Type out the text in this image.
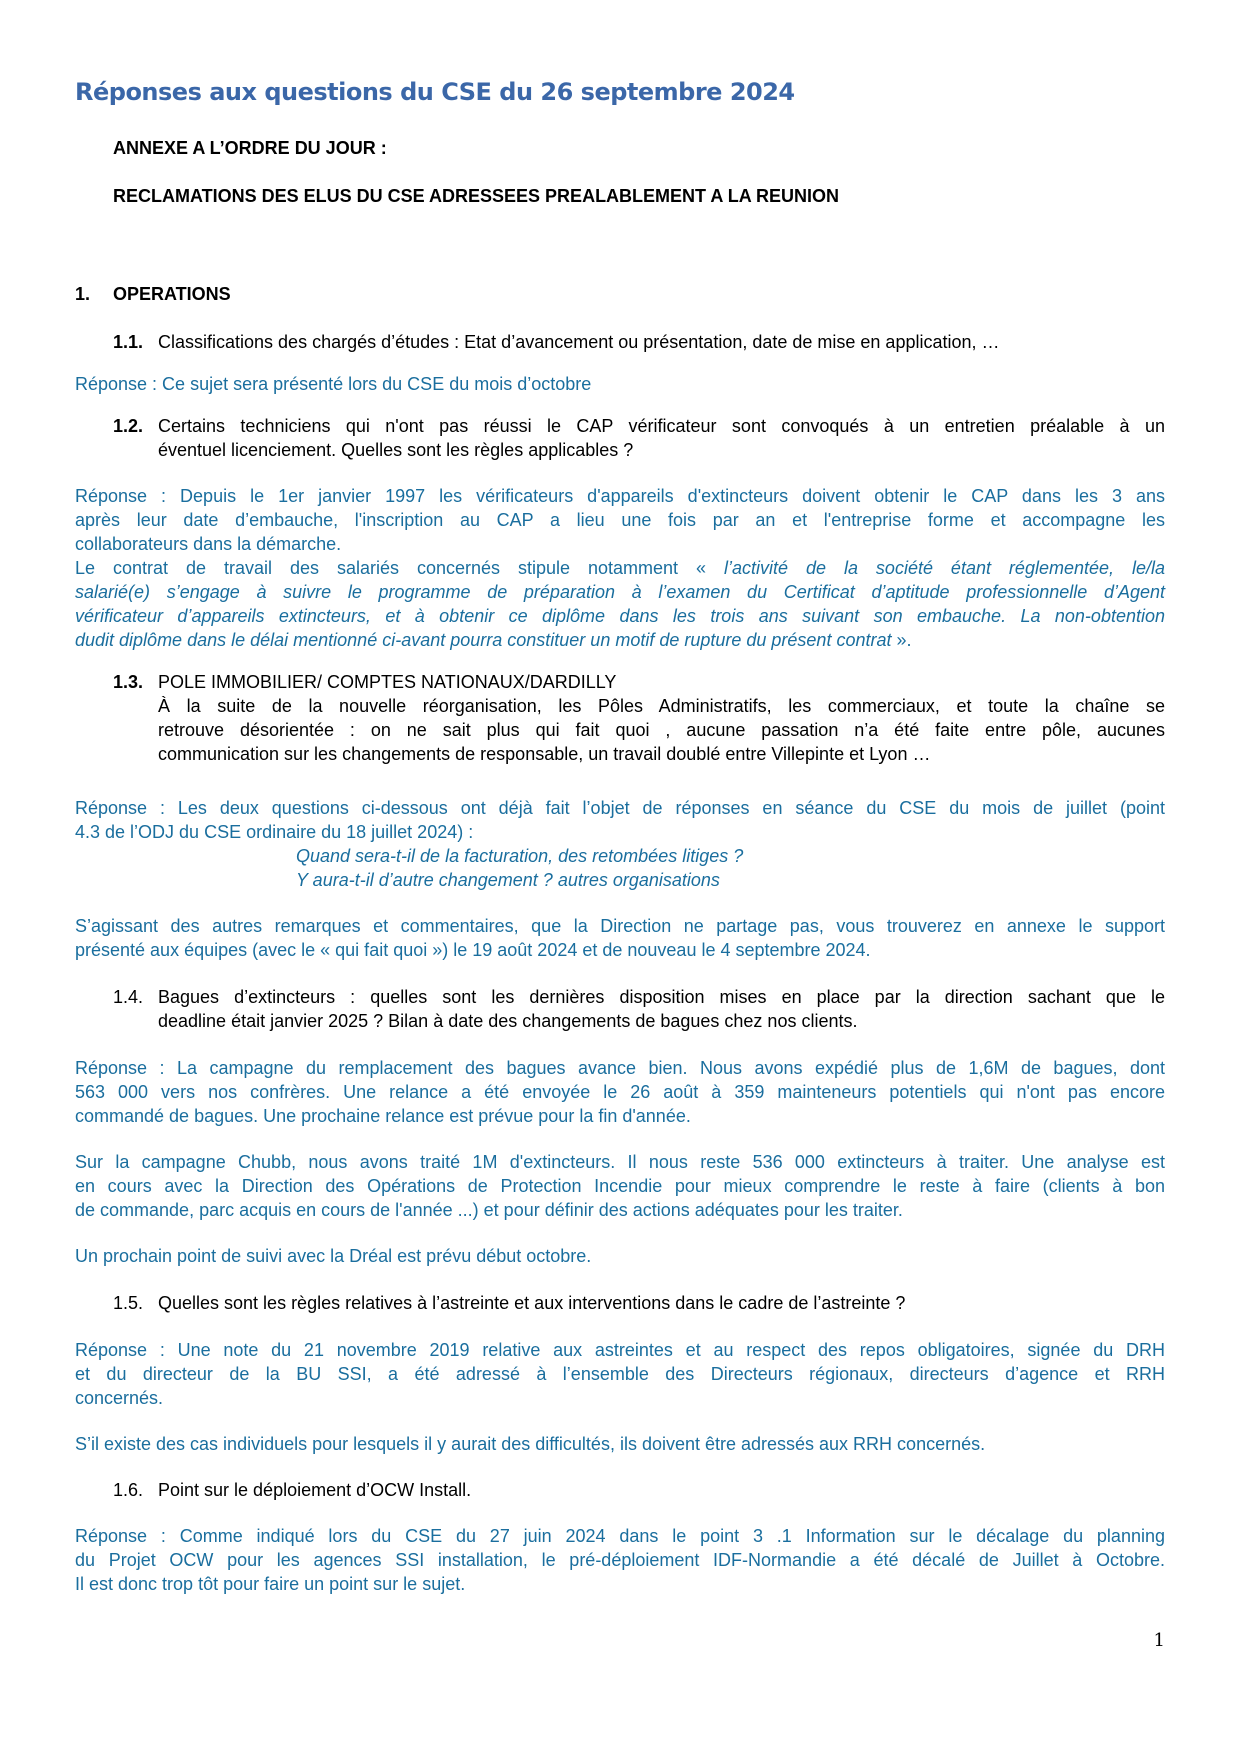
Réponses aux questions du CSE du 26 septembre 2024
ANNEXE A L’ORDRE DU JOUR :
RECLAMATIONS DES ELUS DU CSE ADRESSEES PREALABLEMENT A LA REUNION
1. OPERATIONS
1.1. Classifications des chargés d’études : Etat d’avancement ou présentation, date de mise en application, …
Réponse : Ce sujet sera présenté lors du CSE du mois d’octobre
1.2. Certains techniciens qui n'ont pas réussi le CAP vérificateur sont convoqués à un entretien préalable à un
éventuel licenciement. Quelles sont les règles applicables ?
Réponse : Depuis le 1er janvier 1997 les vérificateurs d'appareils d'extincteurs doivent obtenir le CAP dans les 3 ans
après leur date d’embauche, l'inscription au CAP a lieu une fois par an et l'entreprise forme et accompagne les
collaborateurs dans la démarche.
Le contrat de travail des salariés concernés stipule notamment « l’activité de la société étant réglementée, le/la
salarié(e) s’engage à suivre le programme de préparation à l’examen du Certificat d’aptitude professionnelle d’Agent
vérificateur d’appareils extincteurs, et à obtenir ce diplôme dans les trois ans suivant son embauche. La non-obtention
dudit diplôme dans le délai mentionné ci-avant pourra constituer un motif de rupture du présent contrat ».
1.3. POLE IMMOBILIER/ COMPTES NATIONAUX/DARDILLY
À la suite de la nouvelle réorganisation, les Pôles Administratifs, les commerciaux, et toute la chaîne se
retrouve désorientée : on ne sait plus qui fait quoi , aucune passation n’a été faite entre pôle, aucunes
communication sur les changements de responsable, un travail doublé entre Villepinte et Lyon …
Réponse : Les deux questions ci-dessous ont déjà fait l’objet de réponses en séance du CSE du mois de juillet (point
4.3 de l’ODJ du CSE ordinaire du 18 juillet 2024) :
Quand sera-t-il de la facturation, des retombées litiges ?
Y aura-t-il d’autre changement ? autres organisations
S’agissant des autres remarques et commentaires, que la Direction ne partage pas, vous trouverez en annexe le support
présenté aux équipes (avec le « qui fait quoi ») le 19 août 2024 et de nouveau le 4 septembre 2024.
1.4. Bagues d’extincteurs : quelles sont les dernières disposition mises en place par la direction sachant que le
deadline était janvier 2025 ? Bilan à date des changements de bagues chez nos clients.
Réponse : La campagne du remplacement des bagues avance bien. Nous avons expédié plus de 1,6M de bagues, dont
563 000 vers nos confrères. Une relance a été envoyée le 26 août à 359 mainteneurs potentiels qui n'ont pas encore
commandé de bagues. Une prochaine relance est prévue pour la fin d'année.
Sur la campagne Chubb, nous avons traité 1M d'extincteurs. Il nous reste 536 000 extincteurs à traiter. Une analyse est
en cours avec la Direction des Opérations de Protection Incendie pour mieux comprendre le reste à faire (clients à bon
de commande, parc acquis en cours de l'année ...) et pour définir des actions adéquates pour les traiter.
Un prochain point de suivi avec la Dréal est prévu début octobre.
1.5. Quelles sont les règles relatives à l’astreinte et aux interventions dans le cadre de l’astreinte ?
Réponse : Une note du 21 novembre 2019 relative aux astreintes et au respect des repos obligatoires, signée du DRH
et du directeur de la BU SSI, a été adressé à l’ensemble des Directeurs régionaux, directeurs d’agence et RRH
concernés.
S’il existe des cas individuels pour lesquels il y aurait des difficultés, ils doivent être adressés aux RRH concernés.
1.6. Point sur le déploiement d’OCW Install.
Réponse : Comme indiqué lors du CSE du 27 juin 2024 dans le point 3 .1 Information sur le décalage du planning
du Projet OCW pour les agences SSI installation, le pré-déploiement IDF-Normandie a été décalé de Juillet à Octobre.
Il est donc trop tôt pour faire un point sur le sujet.
1
